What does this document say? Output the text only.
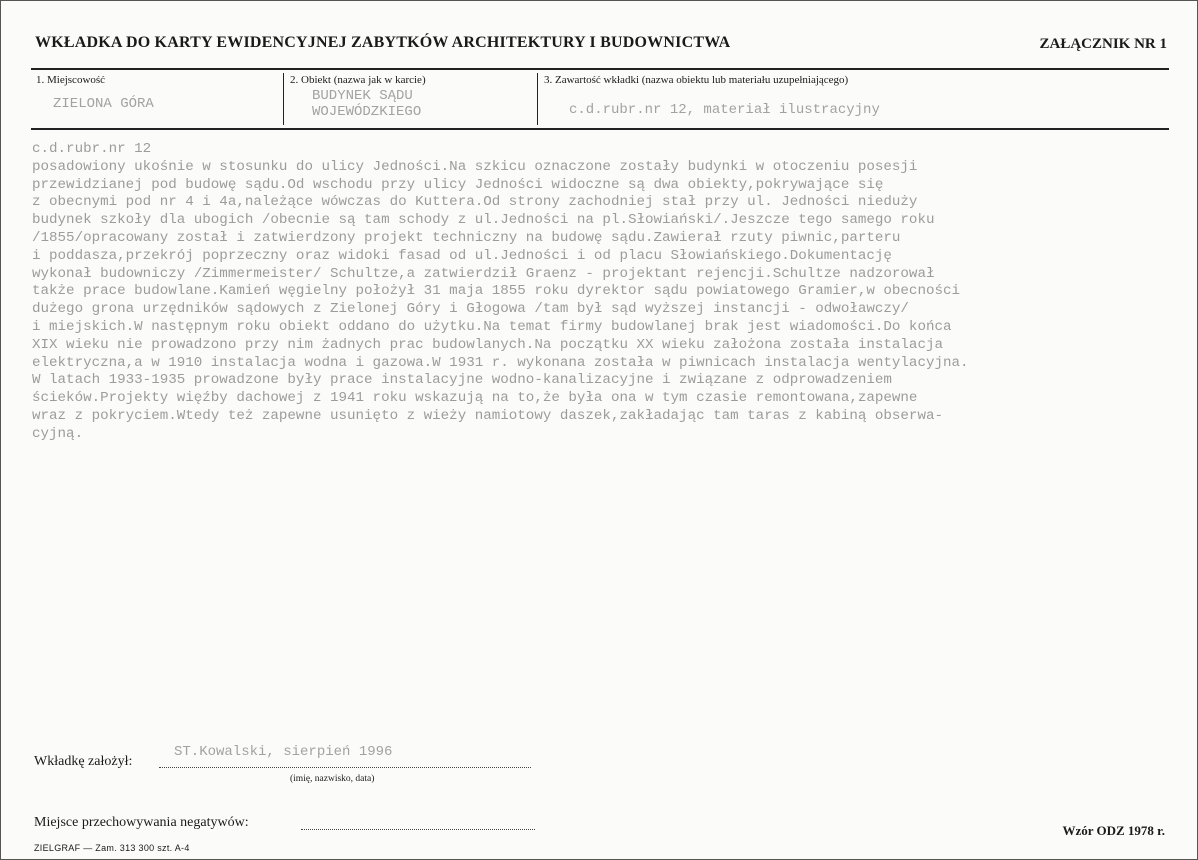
WKŁADKA DO KARTY EWIDENCYJNEJ ZABYTKÓW ARCHITEKTURY I BUDOWNICTWA	ZAŁĄCZNIK NR 1
1. Miejscowość
ZIELONA GÓRA
2. Obiekt (nazwa jak w karcie)
BUDYNEK SĄDU
WOJEWÓDZKIEGO
3. Zawartość wkładki (nazwa obiektu lub materiału uzupełniającego)
c.d.rubr.nr 12, materiał ilustracyjny
c.d.rubr.nr 12
posadowiony ukośnie w stosunku do ulicy Jedności.Na szkicu oznaczone zostały budynki w otoczeniu posesji
przewidzianej pod budowę sądu.Od wschodu przy ulicy Jedności widoczne są dwa obiekty,pokrywające się
z obecnymi pod nr 4 i 4a,należące wówczas do Kuttera.Od strony zachodniej stał przy ul. Jedności nieduży
budynek szkoły dla ubogich /obecnie są tam schody z ul.Jedności na pl.Słowiański/.Jeszcze tego samego roku
/1855/opracowany został i zatwierdzony projekt techniczny na budowę sądu.Zawierał rzuty piwnic,parteru
i poddasza,przekrój poprzeczny oraz widoki fasad od ul.Jedności i od placu Słowiańskiego.Dokumentację
wykonał budowniczy /Zimmermeister/ Schultze,a zatwierdził Graenz - projektant rejencji.Schultze nadzorował
także prace budowlane.Kamień węgielny położył 31 maja 1855 roku dyrektor sądu powiatowego Gramier,w obecności
dużego grona urzędników sądowych z Zielonej Góry i Głogowa /tam był sąd wyższej instancji - odwoławczy/
i miejskich.W następnym roku obiekt oddano do użytku.Na temat firmy budowlanej brak jest wiadomości.Do końca
XIX wieku nie prowadzono przy nim żadnych prac budowlanych.Na początku XX wieku założona została instalacja
elektryczna,a w 1910 instalacja wodna i gazowa.W 1931 r. wykonana została w piwnicach instalacja wentylacyjna.
W latach 1933-1935 prowadzone były prace instalacyjne wodno-kanalizacyjne i związane z odprowadzeniem
ścieków.Projekty więźby dachowej z 1941 roku wskazują na to,że była ona w tym czasie remontowana,zapewne
wraz z pokryciem.Wtedy też zapewne usunięto z wieży namiotowy daszek,zakładając tam taras z kabiną obserwa-
cyjną.
Wkładkę założył:
ST.Kowalski, sierpień 1996
(imię, nazwisko, data)
Miejsce przechowywania negatywów:
Wzór ODZ 1978 r.
ZIELGRAF — Zam. 313 300 szt. A-4
